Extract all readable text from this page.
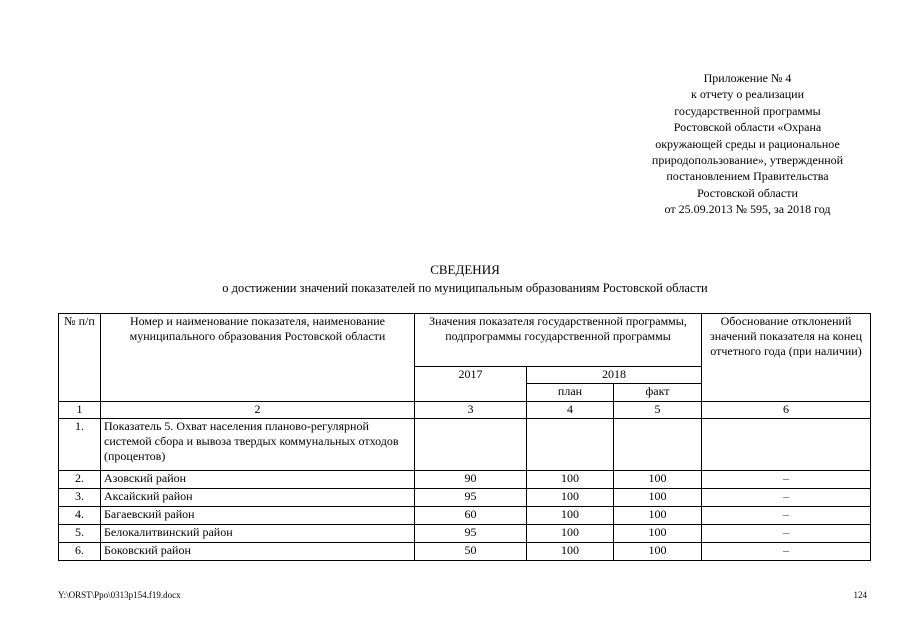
Приложение № 4
к отчету о реализации
государственной программы
Ростовской области «Охрана
окружающей среды и рациональное
природопользование», утвержденной
постановлением Правительства
Ростовской области
от 25.09.2013 № 595, за 2018 год
СВЕДЕНИЯ
о достижении значений показателей по муниципальным образованиям Ростовской области
№ п/п	Номер и наименование показателя, наименование муниципального образования Ростовской области	Значения показателя государственной программы, подпрограммы государственной программы			Обоснование отклонений значений показателя на конец отчетного года (при наличии)
		2017	2018		
			план	факт	
1	2	3	4	5	6
1.	Показатель 5. Охват населения планово-регулярной системой сбора и вывоза твердых коммунальных отходов (процентов)				
2.	Азовский район	90	100	100	–
3.	Аксайский район	95	100	100	–
4.	Багаевский район	60	100	100	–
5.	Белокалитвинский район	95	100	100	–
6.	Боковский район	50	100	100	–
Y:\ORST\Ppo\0313p154.f19.docx	124
